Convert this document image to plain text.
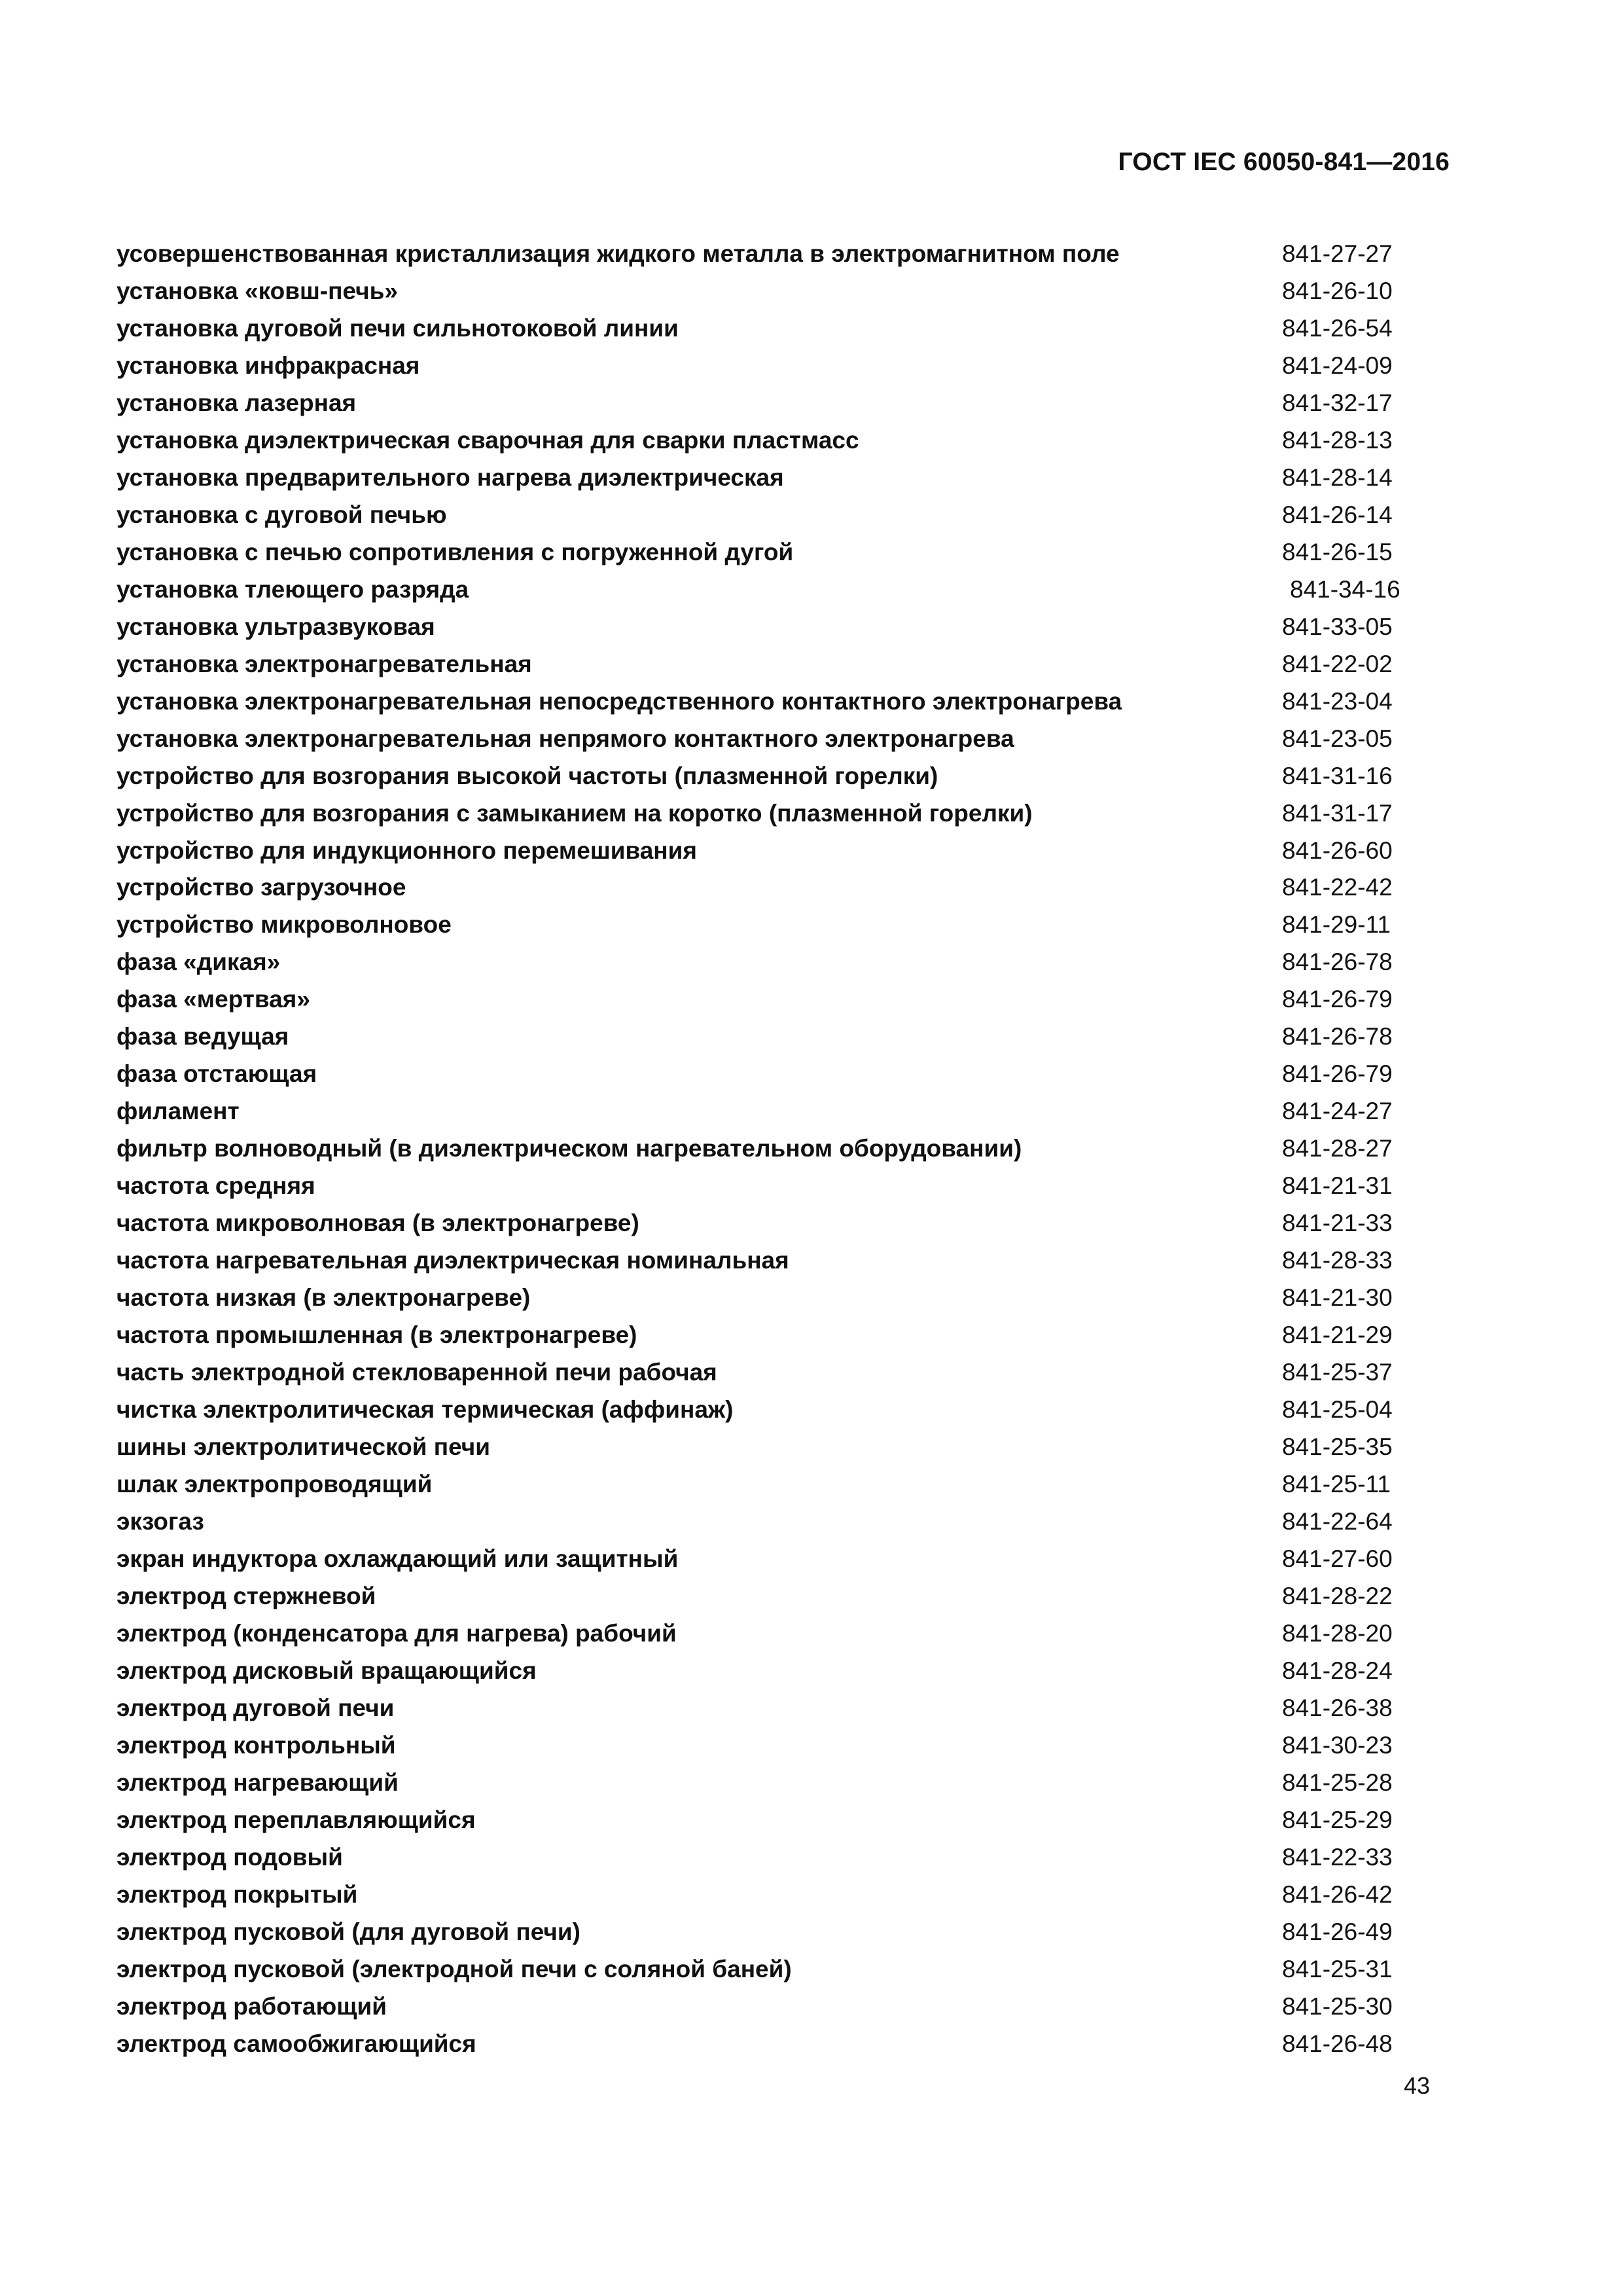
ГОСТ IEC 60050-841—2016
усовершенствованная кристаллизация жидкого металла в электромагнитном поле	841-27-27
установка «ковш-печь»	841-26-10
установка дуговой печи сильнотоковой линии	841-26-54
установка инфракрасная	841-24-09
установка лазерная	841-32-17
установка диэлектрическая сварочная для сварки пластмасс	841-28-13
установка предварительного нагрева диэлектрическая	841-28-14
установка с дуговой печью	841-26-14
установка с печью сопротивления с погруженной дугой	841-26-15
установка тлеющего разряда	841-34-16
установка ультразвуковая	841-33-05
установка электронагревательная	841-22-02
установка электронагревательная непосредственного контактного электронагрева	841-23-04
установка электронагревательная непрямого контактного электронагрева	841-23-05
устройство для возгорания высокой частоты (плазменной горелки)	841-31-16
устройство для возгорания с замыканием на коротко (плазменной горелки)	841-31-17
устройство для индукционного перемешивания	841-26-60
устройство загрузочное	841-22-42
устройство микроволновое	841-29-11
фаза «дикая»	841-26-78
фаза «мертвая»	841-26-79
фаза ведущая	841-26-78
фаза отстающая	841-26-79
филамент	841-24-27
фильтр волноводный (в диэлектрическом нагревательном оборудовании)	841-28-27
частота средняя	841-21-31
частота микроволновая (в электронагреве)	841-21-33
частота нагревательная диэлектрическая номинальная	841-28-33
частота низкая (в электронагреве)	841-21-30
частота промышленная (в электронагреве)	841-21-29
часть электродной стекловаренной печи рабочая	841-25-37
чистка электролитическая термическая (аффинаж)	841-25-04
шины электролитической печи	841-25-35
шлак электропроводящий	841-25-11
экзогаз	841-22-64
экран индуктора охлаждающий или защитный	841-27-60
электрод стержневой	841-28-22
электрод (конденсатора для нагрева) рабочий	841-28-20
электрод дисковый вращающийся	841-28-24
электрод дуговой печи	841-26-38
электрод контрольный	841-30-23
электрод нагревающий	841-25-28
электрод переплавляющийся	841-25-29
электрод подовый	841-22-33
электрод покрытый	841-26-42
электрод пусковой (для дуговой печи)	841-26-49
электрод пусковой (электродной печи с соляной баней)	841-25-31
электрод работающий	841-25-30
электрод самообжигающийся	841-26-48
43
